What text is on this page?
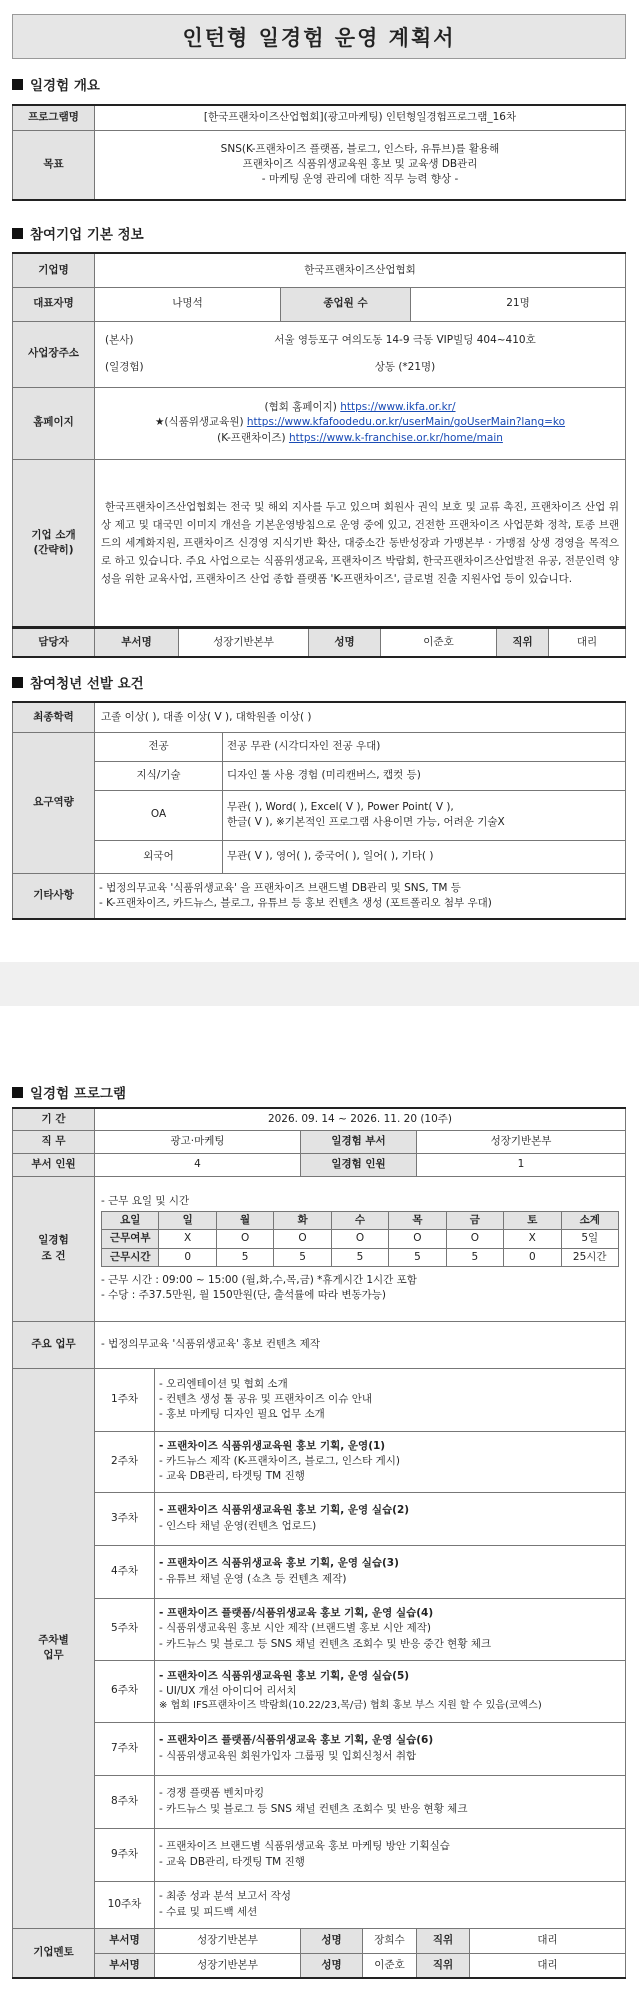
인턴형 일경험 운영 계획서
일경험 개요
프로그램명	[한국프랜차이즈산업협회](광고마케팅) 인턴형일경험프로그램_16차
목표	SNS(K-프랜차이즈 플랫폼, 블로그, 인스타, 유튜브)를 활용해
프랜차이즈 식품위생교육원 홍보 및 교육생 DB관리
- 마케팅 운영 관리에 대한 직무 능력 향상 -
참여기업 기본 정보
기업명	한국프랜차이즈산업협회		
대표자명	나명석	종업원 수	21명
사업장주소	(본사) 서울 영등포구 여의도동 14-9 극동 VIP빌딩 404~410호
(일경험) 상동 (*21명)		

홈페이지	(협회 홈페이지) https://www.ikfa.or.kr/
★(식품위생교육원) https://www.kfafoodedu.or.kr/userMain/goUserMain?lang=ko
(K-프랜차이즈) https://www.k-franchise.or.kr/home/main		

기업 소개
(간략히)	한국프랜차이즈산업협회는 전국 및 해외 지사를 두고 있으며 회원사 권익 보호 및 교류 촉진, 프랜차이즈 산업 위상 제고 및 대국민 이미지 개선을 기본운영방침으로 운영 중에 있고, 건전한 프랜차이즈 사업문화 정착, 토종 브랜드의 세계화지원, 프랜차이즈 신경영 지식기반 확산, 대중소간 동반성장과 가맹본부 · 가맹점 상생 경영을 목적으로 하고 있습니다. 주요 사업으로는 식품위생교육, 프랜차이즈 박람회, 한국프랜차이즈산업발전 유공, 전문인력 양성을 위한 교육사업, 프랜차이즈 산업 종합 플랫폼 'K-프랜차이즈', 글로벌 진출 지원사업 등이 있습니다.		
담당자	부서명	성장기반본부	성명	이준호	직위	대리
참여청년 선발 요건
최종학력	고졸 이상( ), 대졸 이상( V ), 대학원졸 이상( )	
요구역량	전공	전공 무관 (시각디자인 전공 우대)
	지식/기술	디자인 툴 사용 경험 (미리캔버스, 캡컷 등)
	OA	무관( ), Word( ), Excel( V ), Power Point( V ),
한글( V ), ※기본적인 프로그램 사용이면 가능, 어려운 기술X

	외국어	무관( V ), 영어( ), 중국어( ), 일어( ), 기타( )
기타사항	- 법정의무교육 '식품위생교육' 을 프랜차이즈 브랜드별 DB관리 및 SNS, TM 등
- K-프랜차이즈, 카드뉴스, 블로그, 유튜브 등 홍보 컨텐츠 생성 (포트폴리오 첨부 우대)	
일경험 프로그램
기 간	2026. 09. 14 ~ 2026. 11. 20 (10주)
직 무	광고·마케팅	일경험 부서	성장기반본부
부서 인원	4	일경험 인원	1

일경험
조 건

- 근무 요일 및 시간
요일	일	월	화	수	목	금	토	소계
근무여부	X	O	O	O	O	O	X	5일
근무시간	0	5	5	5	5	5	0	25시간
- 근무 시간 : 09:00 ~ 15:00 (월,화,수,목,금) *휴게시간 1시간 포함
- 수당 : 주37.5만원, 월 150만원(단, 출석률에 따라 변동가능)

주요 업무	- 법정의무교육 '식품위생교육' 홍보 컨텐츠 제작

주차별
업무
	1주차	
- 오리엔테이션 및 협회 소개
- 컨텐츠 생성 툴 공유 및 프랜차이즈 이슈 안내
- 홍보 마케팅 디자인 필요 업무 소개

2주차	
- 프랜차이즈 식품위생교육원 홍보 기획, 운영(1)
- 카드뉴스 제작 (K-프랜차이즈, 블로그, 인스타 게시)
- 교육 DB관리, 타겟팅 TM 진행

3주차	
- 프랜차이즈 식품위생교육원 홍보 기획, 운영 실습(2)
- 인스타 채널 운영(컨텐츠 업로드)

4주차	
- 프랜차이즈 식품위생교육 홍보 기획, 운영 실습(3)
- 유튜브 채널 운영 (쇼츠 등 컨텐츠 제작)

5주차	
- 프랜차이즈 플랫폼/식품위생교육 홍보 기획, 운영 실습(4)
- 식품위생교육원 홍보 시안 제작 (브랜드별 홍보 시안 제작)
- 카드뉴스 및 블로그 등 SNS 채널 컨텐츠 조회수 및 반응 중간 현황 체크

6주차	
- 프랜차이즈 식품위생교육원 홍보 기획, 운영 실습(5)
- UI/UX 개선 아이디어 리서치
※ 협회 IFS프랜차이즈 박람회(10.22/23,목/금) 협회 홍보 부스 지원 할 수 있음(코엑스)

7주차	
- 프랜차이즈 플랫폼/식품위생교육 홍보 기획, 운영 실습(6)
- 식품위생교육원 회원가입자 그룹핑 및 입회신청서 취합

8주차	
- 경쟁 플랫폼 벤치마킹
- 카드뉴스 및 블로그 등 SNS 채널 컨텐츠 조회수 및 반응 현황 체크

9주차	
- 프랜차이즈 브랜드별 식품위생교육 홍보 마케팅 방안 기획실습
- 교육 DB관리, 타겟팅 TM 진행

10주차	
- 최종 성과 분석 보고서 작성
- 수료 및 피드백 세션

기업멘토	부서명	성장기반본부	성명	장희수	직위	대리
부서명	성장기반본부	성명	이준호	직위	대리
